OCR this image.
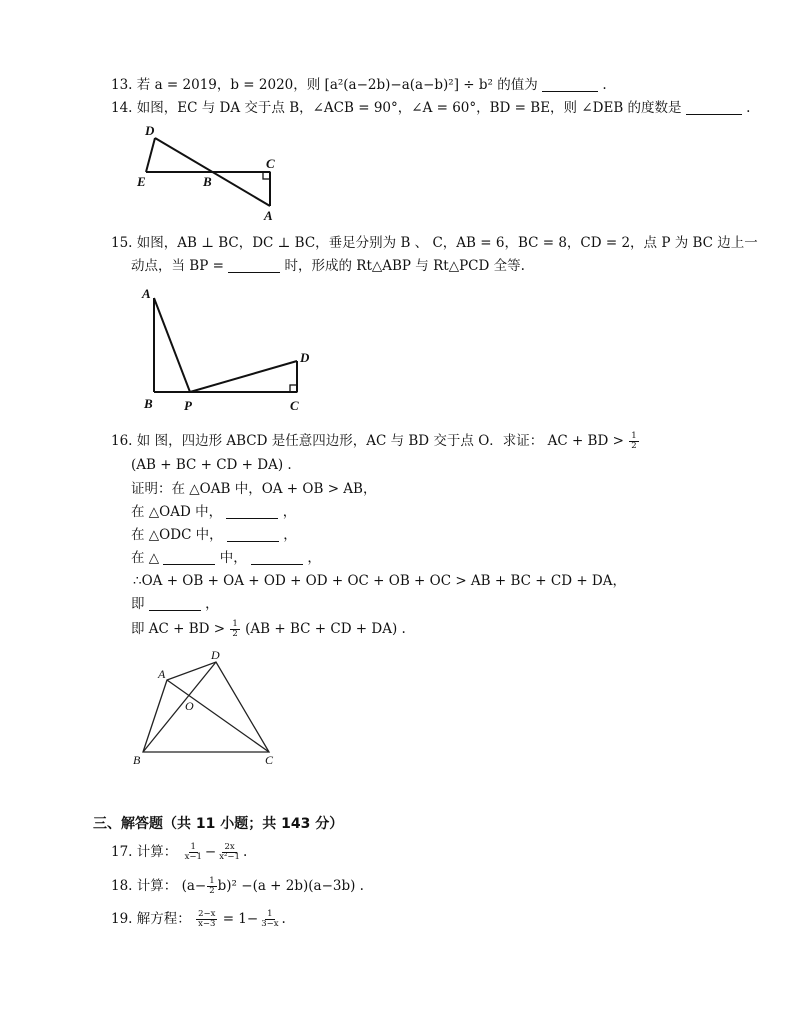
13. 若 a = 2019，b = 2020，则 [a²(a−2b)−a(a−b)²] ÷ b² 的值为	.
14. 如图，EC 与 DA 交于点 B，∠ACB = 90°，∠A = 60°，BD = BE，则 ∠DEB 的度数是	.
D
E	B
C
A
15. 如图，AB ⊥ BC，DC ⊥ BC，垂足分别为 B 、 C，AB = 6，BC = 8，CD = 2，点 P 为 BC 边上一
动点，当 BP =	时，形成的 Rt△ABP 与 Rt△PCD 全等.
A
B P	C
D
16. 如 图，四边形 ABCD 是任意四边形，AC 与 BD 交于点 O．求证： AC + BD > $\frac{1}{2}$
(AB + BC + CD + DA) .
证明：在 △OAB 中，OA + OB > AB，
在 △OAD 中，	，
在 △ODC 中，	，
在 △	中，	，
∴OA + OB + OA + OD + OD + OC + OB + OC > AB + BC + CD + DA，
即	，
即 AC + BD > $\frac{1}{2} (AB$ + BC + CD + DA) .
A
D
O
B	C
三、解答题（共 11 小题；共 143 分）
17. 计算： $\frac{1}{x-1} - \frac{2x}{\text{x²−1}}$ .
18. 计算： $(a- \frac{1}{2} b)^2 -(a + 2b)(a-3b)$ .
19. 解方程： $\frac{2-x}{x-3} = 1- \frac{1}{3-x}$ .
